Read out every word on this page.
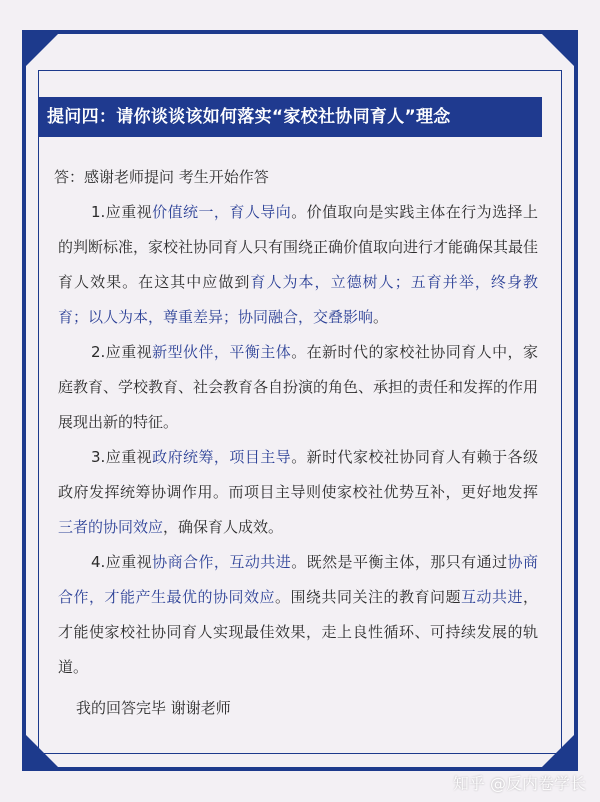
提问四：请你谈谈该如何落实“家校社协同育人”理念
答：感谢老师提问 考生开始作答

1.应重视价值统一，育人导向。价值取向是实践主体在行为选择上的判断标准，家校社协同育人只有围绕正确价值取向进行才能确保其最佳育人效果。在这其中应做到育人为本，立德树人；五育并举，终身教育；以人为本，尊重差异；协同融合，交叠影响。

2.应重视新型伙伴，平衡主体。在新时代的家校社协同育人中，家庭教育、学校教育、社会教育各自扮演的角色、承担的责任和发挥的作用展现出新的特征。

3.应重视政府统筹，项目主导。新时代家校社协同育人有赖于各级政府发挥统筹协调作用。而项目主导则使家校社优势互补，更好地发挥三者的协同效应，确保育人成效。

4.应重视协商合作，互动共进。既然是平衡主体，那只有通过协商合作，才能产生最优的协同效应。围绕共同关注的教育问题互动共进，才能使家校社协同育人实现最佳效果，走上良性循环、可持续发展的轨道。

我的回答完毕 谢谢老师
知乎 @反内卷学长
